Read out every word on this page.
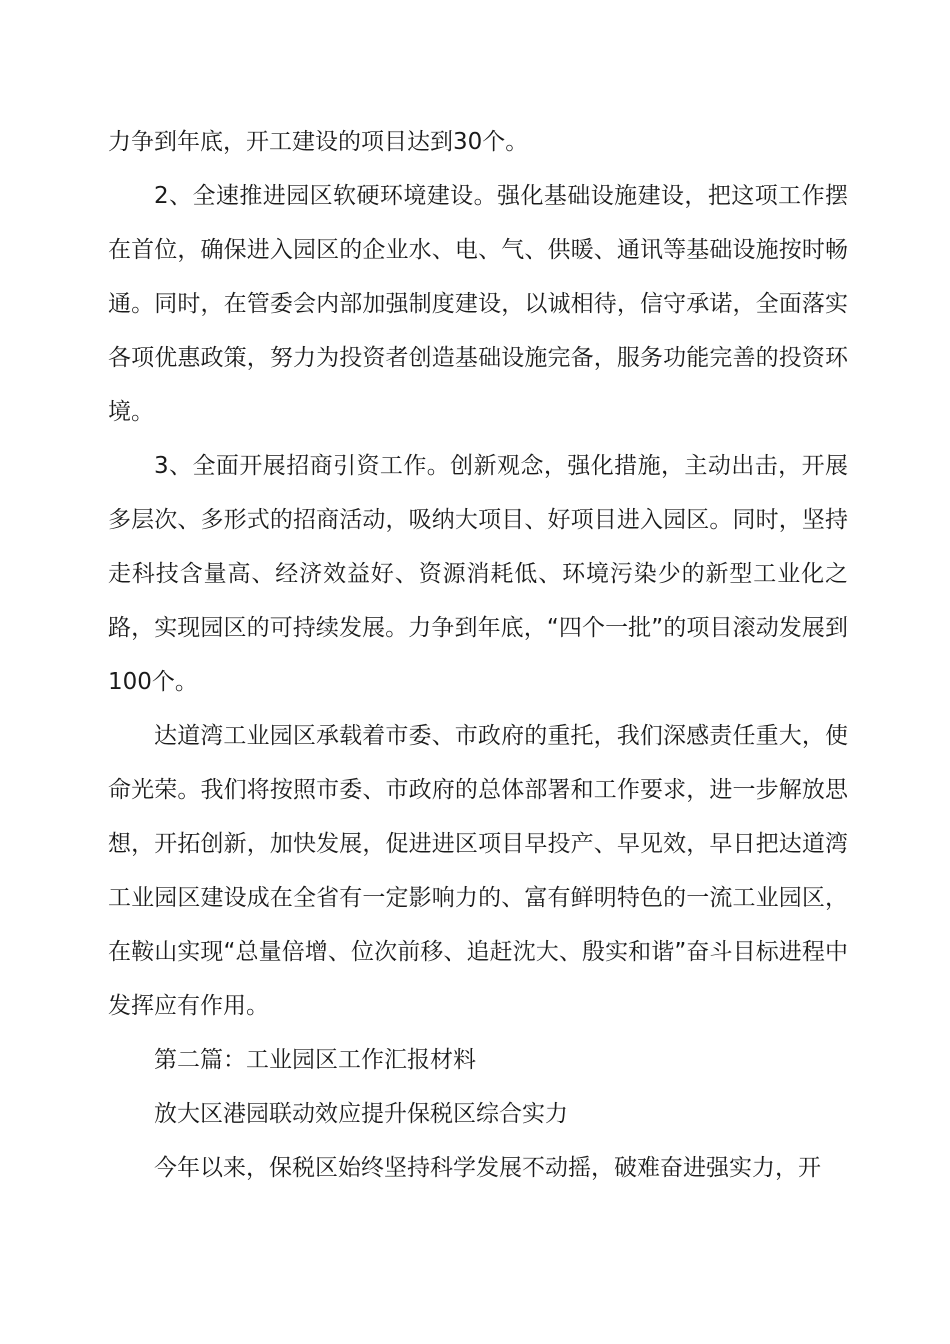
力争到年底，开工建设的项目达到30个。

2、全速推进园区软硬环境建设。强化基础设施建设，把这项工作摆在首位，确保进入园区的企业水、电、气、供暖、通讯等基础设施按时畅通。同时，在管委会内部加强制度建设，以诚相待，信守承诺，全面落实各项优惠政策，努力为投资者创造基础设施完备，服务功能完善的投资环境。

3、全面开展招商引资工作。创新观念，强化措施，主动出击，开展多层次、多形式的招商活动，吸纳大项目、好项目进入园区。同时，坚持走科技含量高、经济效益好、资源消耗低、环境污染少的新型工业化之路，实现园区的可持续发展。力争到年底，“四个一批”的项目滚动发展到100个。

达道湾工业园区承载着市委、市政府的重托，我们深感责任重大，使命光荣。我们将按照市委、市政府的总体部署和工作要求，进一步解放思想，开拓创新，加快发展，促进进区项目早投产、早见效，早日把达道湾工业园区建设成在全省有一定影响力的、富有鲜明特色的一流工业园区，在鞍山实现“总量倍增、位次前移、追赶沈大、殷实和谐”奋斗目标进程中发挥应有作用。

第二篇：工业园区工作汇报材料

放大区港园联动效应提升保税区综合实力

今年以来，保税区始终坚持科学发展不动摇，破难奋进强实力，开
